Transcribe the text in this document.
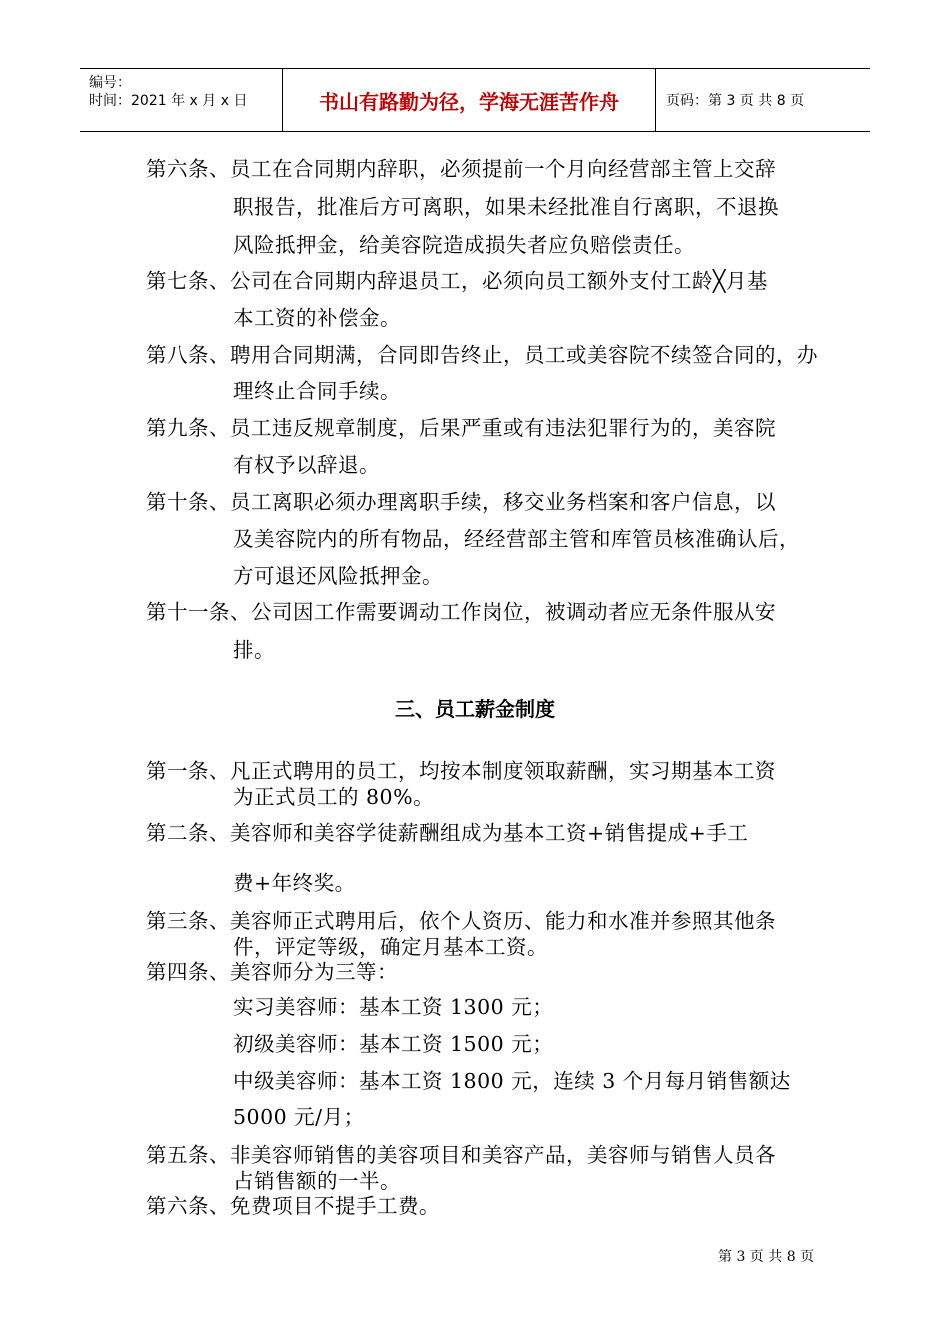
编号：
时间：2021 年 x 月 x 日	书山有路勤为径，学海无涯苦作舟	页码：第 3 页 共 8 页
第六条、员工在合同期内辞职，必须提前一个月向经营部主管上交辞
职报告，批准后方可离职，如果未经批准自行离职，不退换
风险抵押金，给美容院造成损失者应负赔偿责任。
第七条、公司在合同期内辞退员工，必须向员工额外支付工龄╳月基
本工资的补偿金。
第八条、聘用合同期满，合同即告终止，员工或美容院不续签合同的，办
理终止合同手续。
第九条、员工违反规章制度，后果严重或有违法犯罪行为的，美容院
有权予以辞退。
第十条、员工离职必须办理离职手续，移交业务档案和客户信息，以
及美容院内的所有物品，经经营部主管和库管员核准确认后，
方可退还风险抵押金。
第十一条、公司因工作需要调动工作岗位，被调动者应无条件服从安
排。
三、员工薪金制度
第一条、凡正式聘用的员工，均按本制度领取薪酬，实习期基本工资
为正式员工的 80%。
第二条、美容师和美容学徒薪酬组成为基本工资+销售提成+手工
费+年终奖。
第三条、美容师正式聘用后，依个人资历、能力和水准并参照其他条
件，评定等级，确定月基本工资。
第四条、美容师分为三等：
实习美容师：基本工资 1300 元；
初级美容师：基本工资 1500 元；
中级美容师：基本工资 1800 元，连续 3 个月每月销售额达
5000 元/月；
第五条、非美容师销售的美容项目和美容产品，美容师与销售人员各
占销售额的一半。
第六条、免费项目不提手工费。
第 3 页 共 8 页
